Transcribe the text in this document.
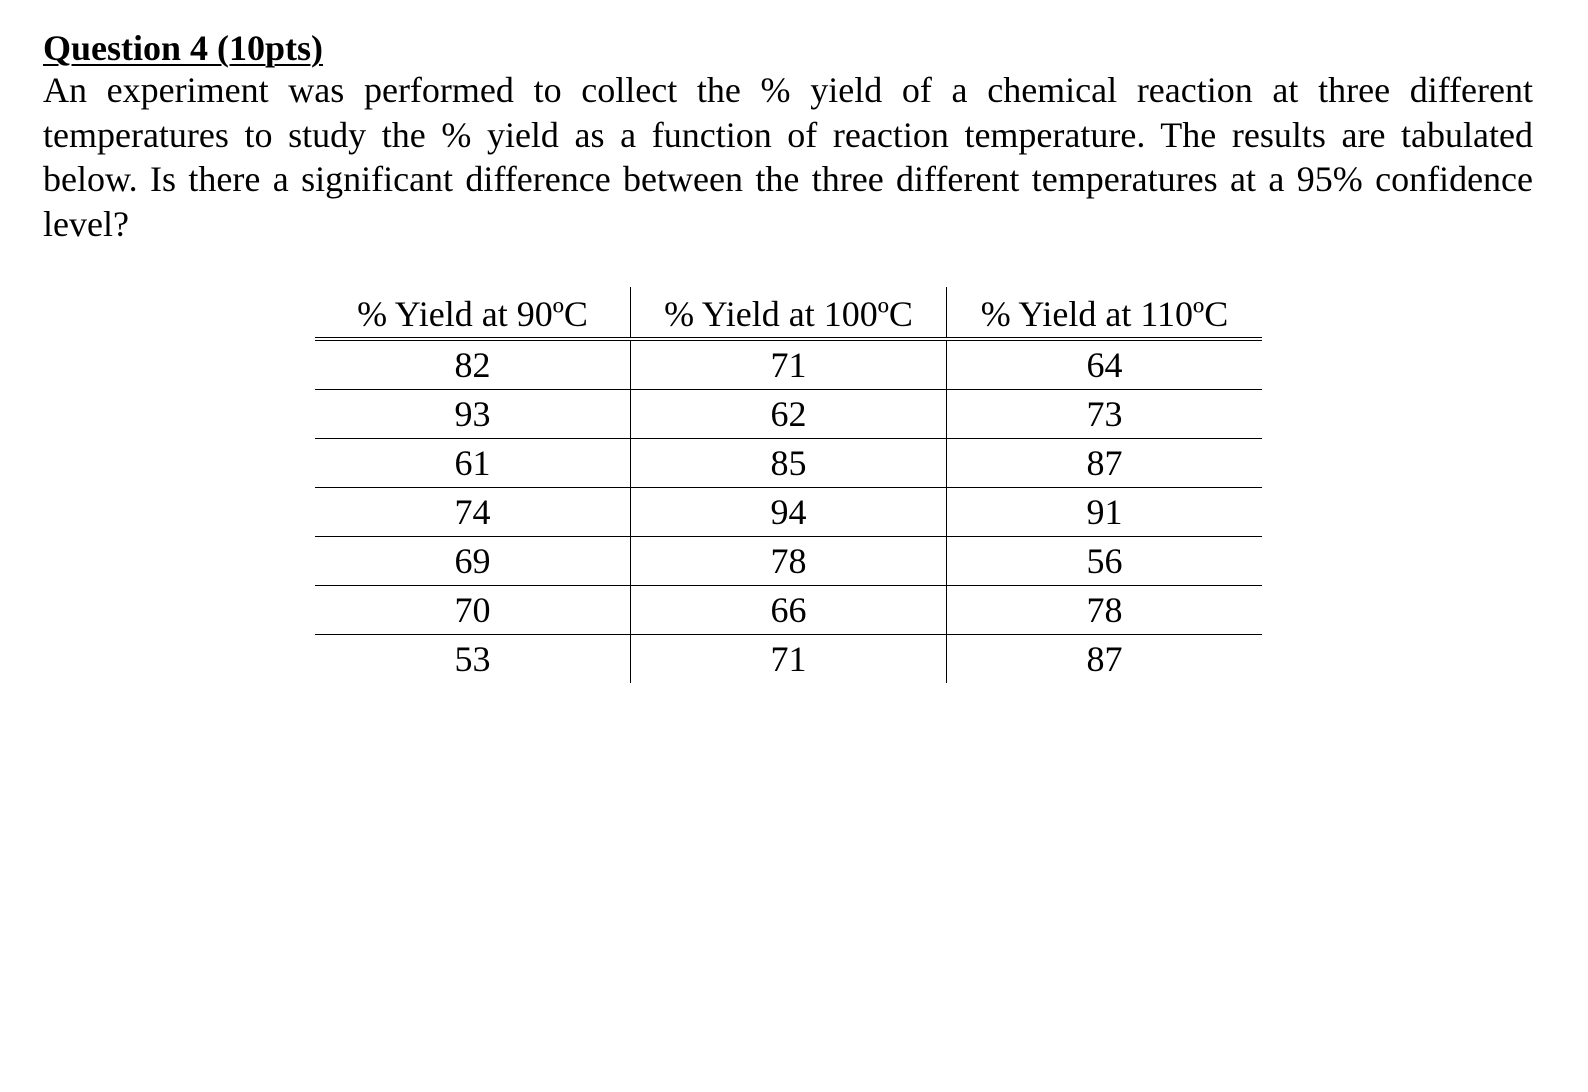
Question 4 (10pts)

An experiment was performed to collect the % yield of a chemical reaction at three different temperatures to study the % yield as a function of reaction temperature. The results are tabulated below. Is there a significant difference between the three different temperatures at a 95% confidence level?

% Yield at 90ºC	% Yield at 100ºC	% Yield at 110ºC
82	71	64
93	62	73
61	85	87
74	94	91
69	78	56
70	66	78
53	71	87
